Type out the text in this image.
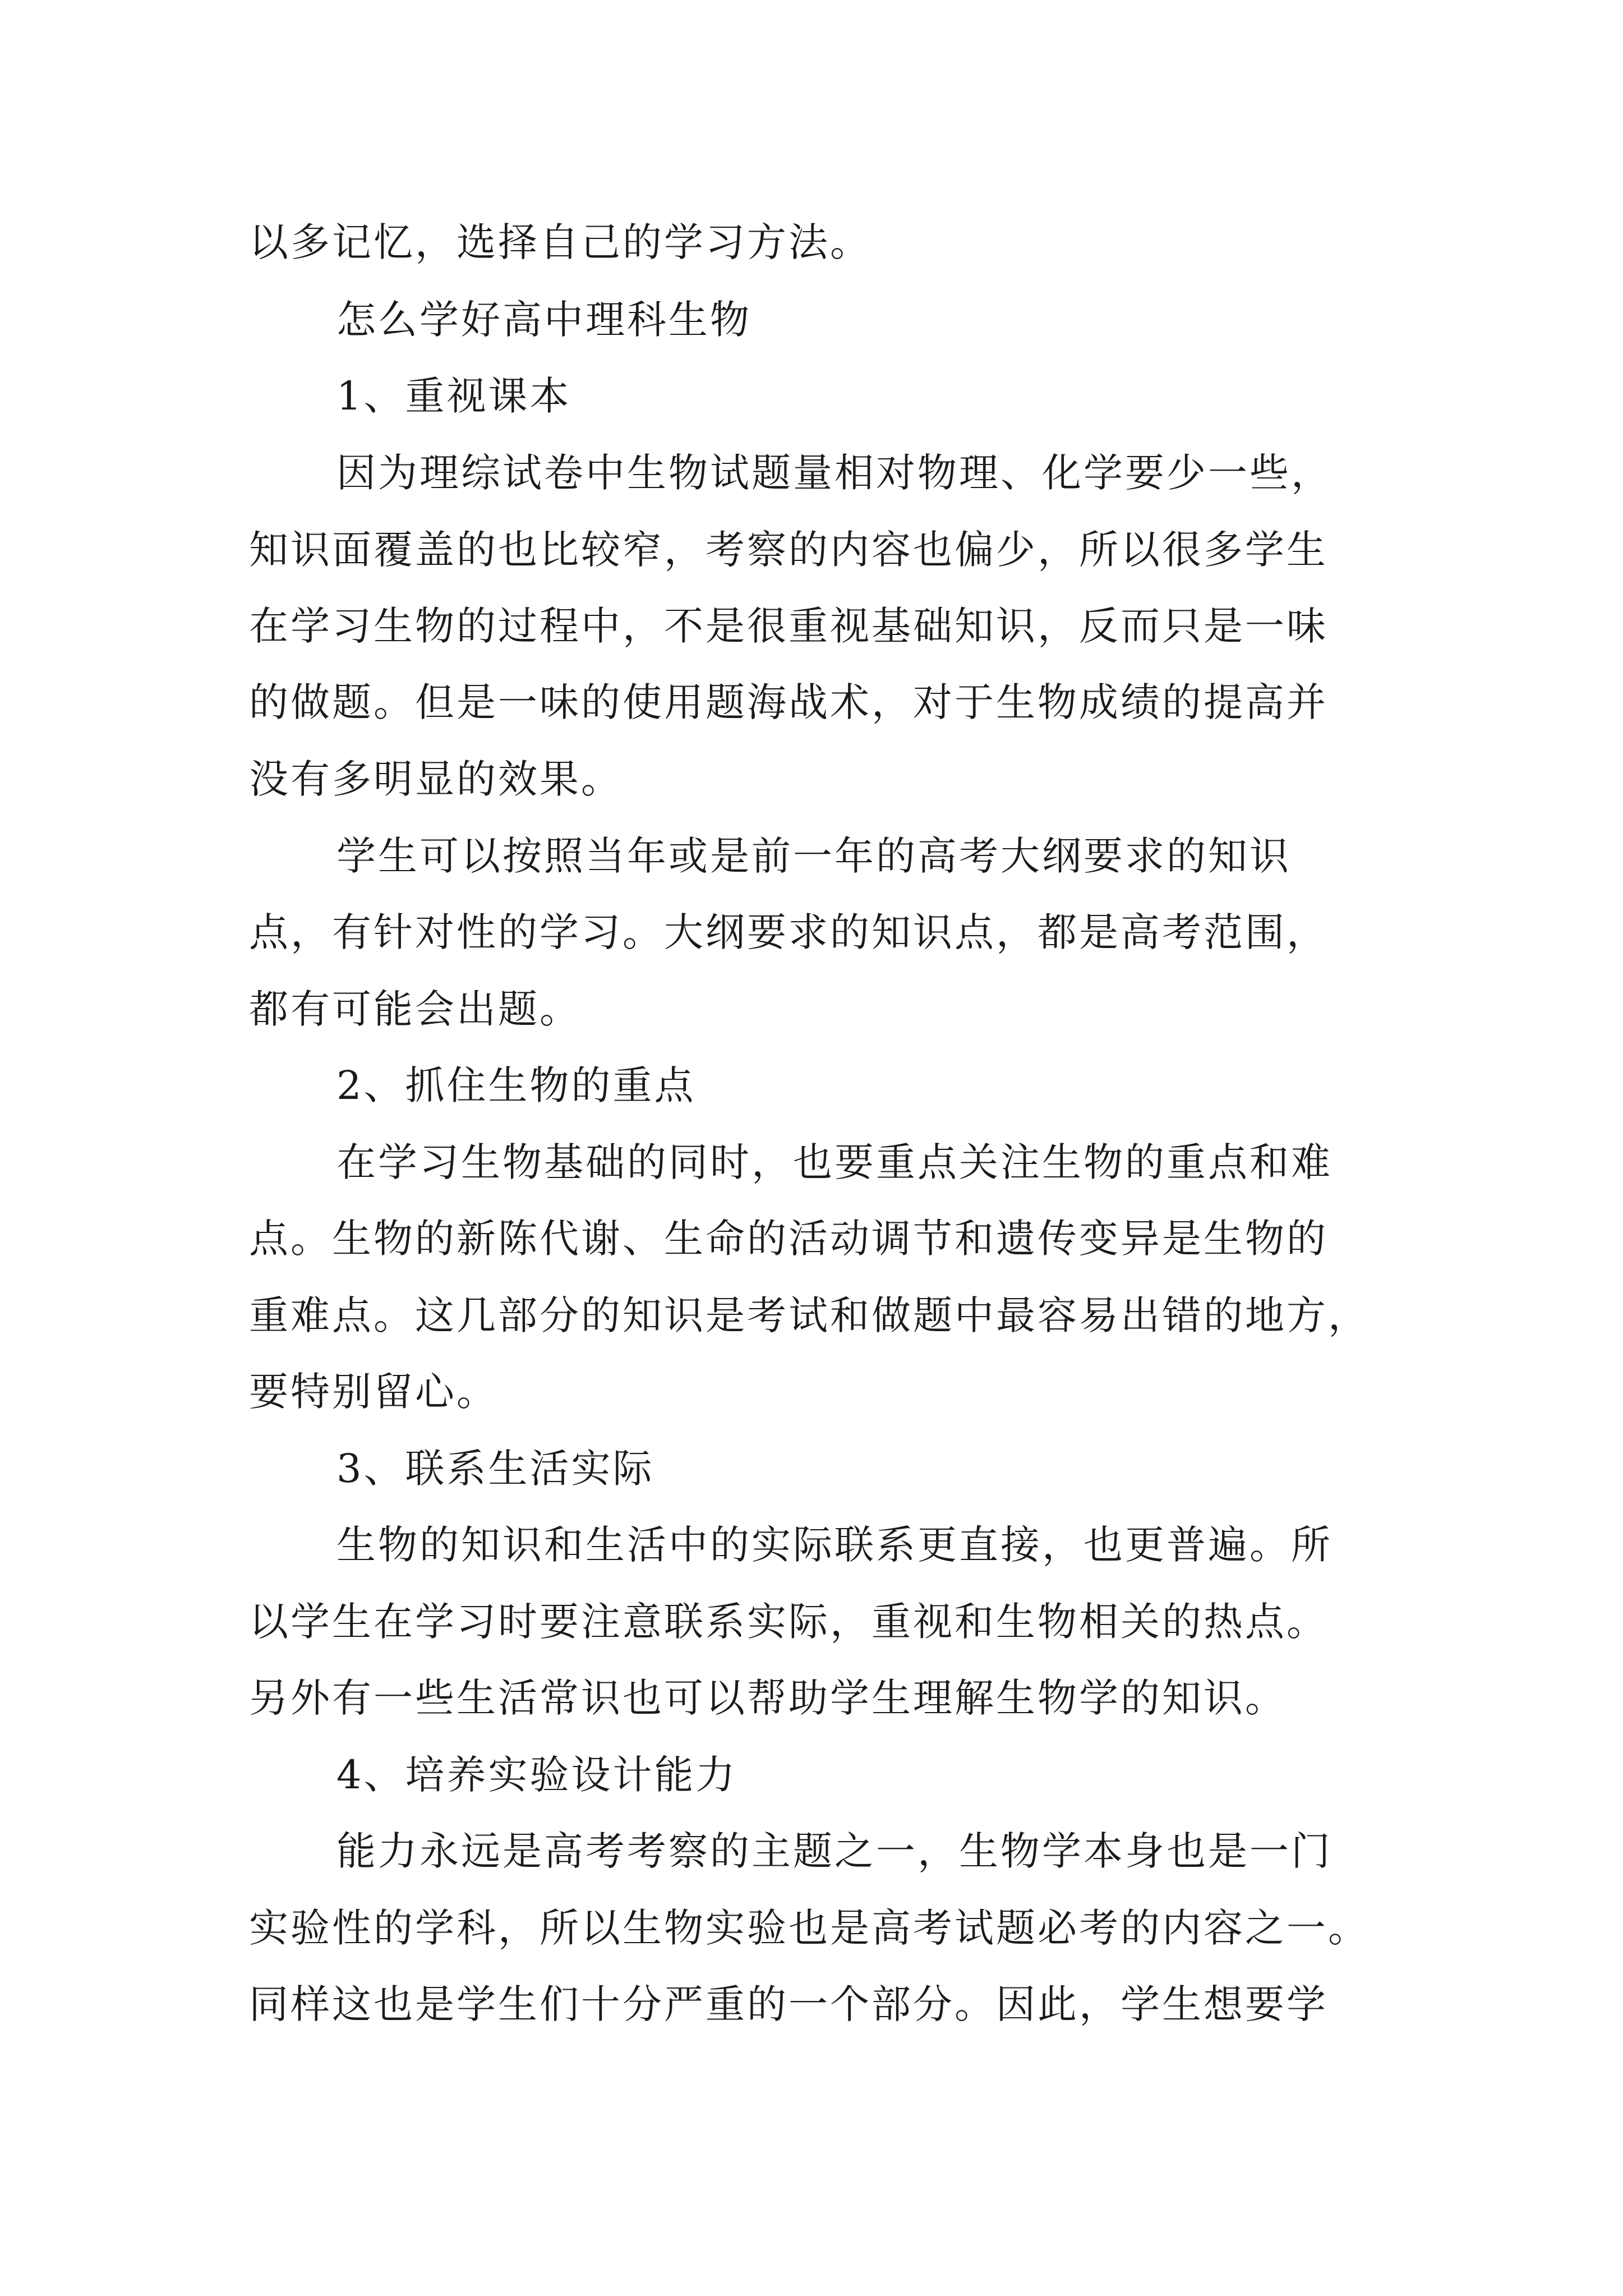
以多记忆，选择自己的学习方法。

怎么学好高中理科生物

1、重视课本

因为理综试卷中生物试题量相对物理、化学要少一些，

知识面覆盖的也比较窄，考察的内容也偏少，所以很多学生

在学习生物的过程中，不是很重视基础知识，反而只是一味

的做题。但是一味的使用题海战术，对于生物成绩的提高并

没有多明显的效果。

学生可以按照当年或是前一年的高考大纲要求的知识

点，有针对性的学习。大纲要求的知识点，都是高考范围，

都有可能会出题。

2、抓住生物的重点

在学习生物基础的同时，也要重点关注生物的重点和难

点。生物的新陈代谢、生命的活动调节和遗传变异是生物的

重难点。这几部分的知识是考试和做题中最容易出错的地方，

要特别留心。

3、联系生活实际

生物的知识和生活中的实际联系更直接，也更普遍。所

以学生在学习时要注意联系实际，重视和生物相关的热点。

另外有一些生活常识也可以帮助学生理解生物学的知识。

4、培养实验设计能力

能力永远是高考考察的主题之一，生物学本身也是一门

实验性的学科，所以生物实验也是高考试题必考的内容之一。

同样这也是学生们十分严重的一个部分。因此，学生想要学
